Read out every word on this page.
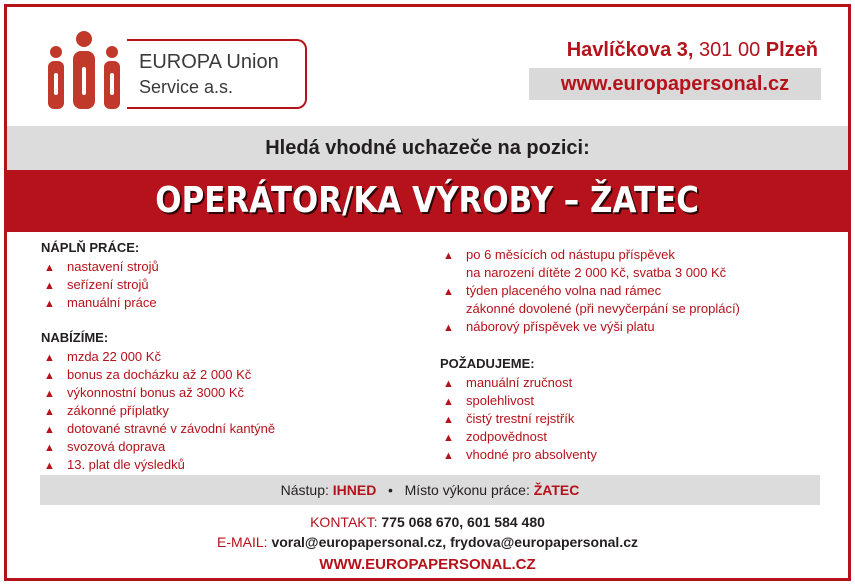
EUROPA Union
Service a.s.
Havlíčkova 3, 301 00 Plzeň
www.europapersonal.cz
Hledá vhodné uchazeče na pozici:
OPERÁTOR/KA VÝROBY – ŽATEC
NÁPLŇ PRÁCE:
▲ nastavení strojů
▲ seřízení strojů
▲ manuální práce
NABÍZÍME:
▲ mzda 22 000 Kč
▲ bonus za docházku až 2 000 Kč
▲ výkonnostní bonus až 3000 Kč
▲ zákonné příplatky
▲ dotované stravné v závodní kantýně
▲ svozová doprava
▲ 13. plat dle výsledků
▲ po 6 měsících od nástupu příspěvek
na narození dítěte 2 000 Kč, svatba 3 000 Kč
▲ týden placeného volna nad rámec
zákonné dovolené (při nevyčerpání se proplácí)
▲ náborový příspěvek ve výši platu
POŽADUJEME:
▲ manuální zručnost
▲ spolehlivost
▲ čistý trestní rejstřík
▲ zodpovědnost
▲ vhodné pro absolventy
Nástup: IHNED • Místo výkonu práce: ŽATEC
KONTAKT: 775 068 670, 601 584 480
E-MAIL: voral@europapersonal.cz, frydova@europapersonal.cz
WWW.EUROPAPERSONAL.CZ
